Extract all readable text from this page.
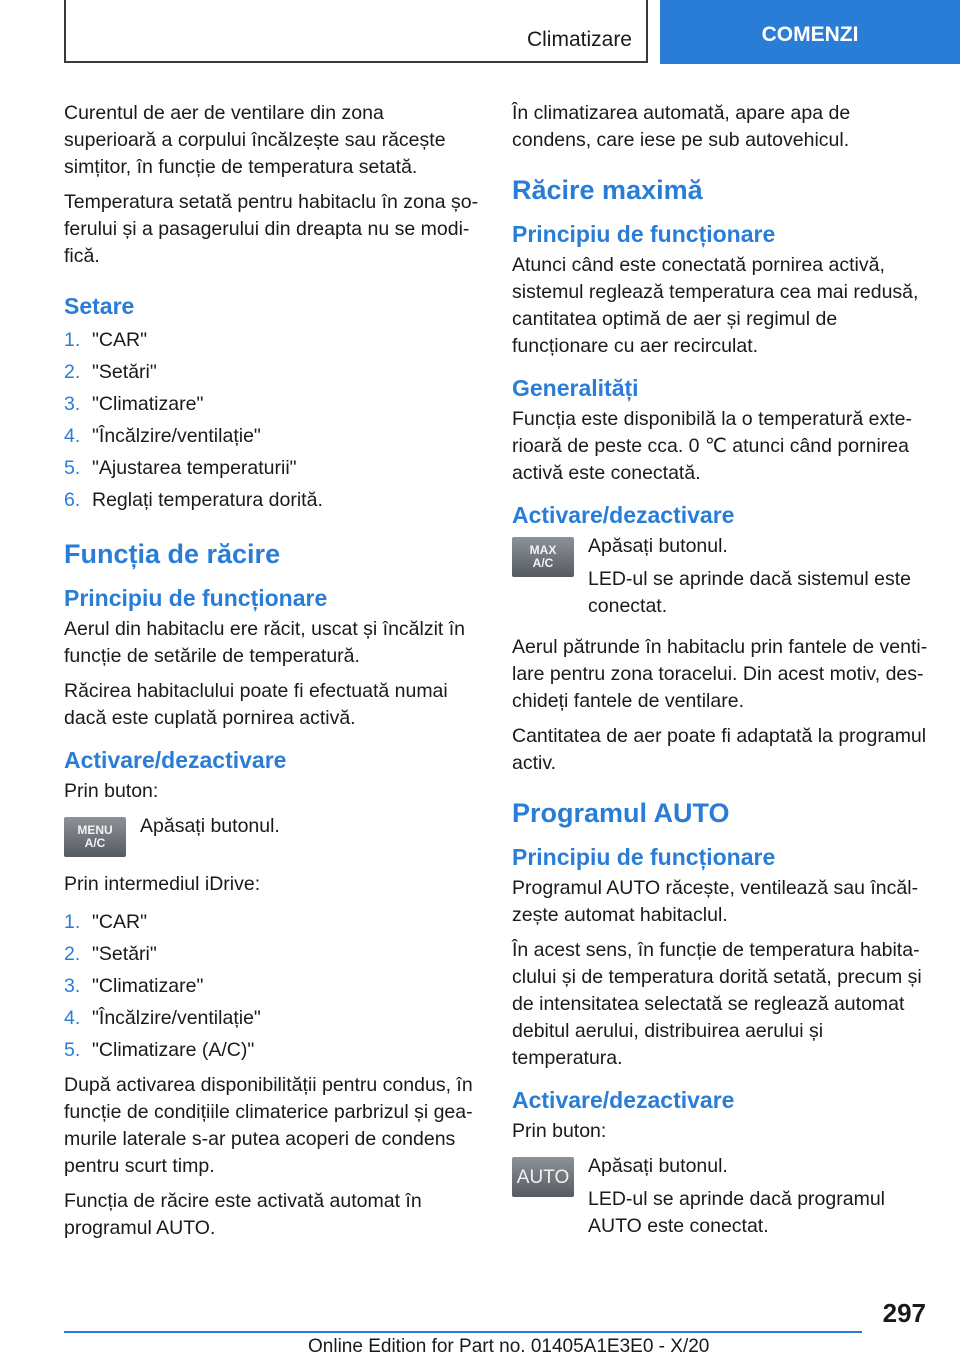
Climatizare	COMENZI

Curentul de aer de ventilare din zona superioară a corpului încălzește sau răcește simțitor, în funcție de temperatura setată.

Temperatura setată pentru habitaclu în zona șoferului și a pasagerului din dreapta nu se modifică.

Setare
1. "CAR"
2. "Setări"
3. "Climatizare"
4. "Încălzire/ventilație"
5. "Ajustarea temperaturii"
6. Reglați temperatura dorită.
Funcția de răcire
Principiu de funcționare

Aerul din habitaclu ere răcit, uscat și încălzit în funcție de setările de temperatură.

Răcirea habitaclului poate fi efectuată numai dacă este cuplată pornirea activă.

Activare/dezactivare

Prin buton:

MENU
A/C

Apăsați butonul.

Prin intermediul iDrive:

1. "CAR"
2. "Setări"
3. "Climatizare"
4. "Încălzire/ventilație"
5. "Climatizare (A/C)"

După activarea disponibilității pentru condus, în funcție de condițiile climaterice parbrizul și geamurile laterale s-ar putea acoperi de condens pentru scurt timp.

Funcția de răcire este activată automat în programul AUTO.

În climatizarea automată, apare apa de condens, care iese pe sub autovehicul.

Răcire maximă
Principiu de funcționare

Atunci când este conectată pornirea activă, sistemul reglează temperatura cea mai redusă, cantitatea optimă de aer și regimul de funcționare cu aer recirculat.

Generalități

Funcția este disponibilă la o temperatură exterioară de peste cca. 0 ℃ atunci când pornirea activă este conectată.

Activare/dezactivare
MAX
A/C

Apăsați butonul.

LED-ul se aprinde dacă sistemul este conectat.

Aerul pătrunde în habitaclu prin fantele de ventilare pentru zona toracelui. Din acest motiv, deschideți fantele de ventilare.

Cantitatea de aer poate fi adaptată la programul activ.

Programul AUTO
Principiu de funcționare

Programul AUTO răcește, ventilează sau încălzește automat habitaclul.

În acest sens, în funcție de temperatura habitaclului și de temperatura dorită setată, precum și de intensitatea selectată se reglează automat debitul aerului, distribuirea aerului și temperatura.

Activare/dezactivare

Prin buton:

AUTO Apăsați butonul.

LED-ul se aprinde dacă programul AUTO este conectat.

297
Online Edition for Part no. 01405A1E3E0 - X/20
